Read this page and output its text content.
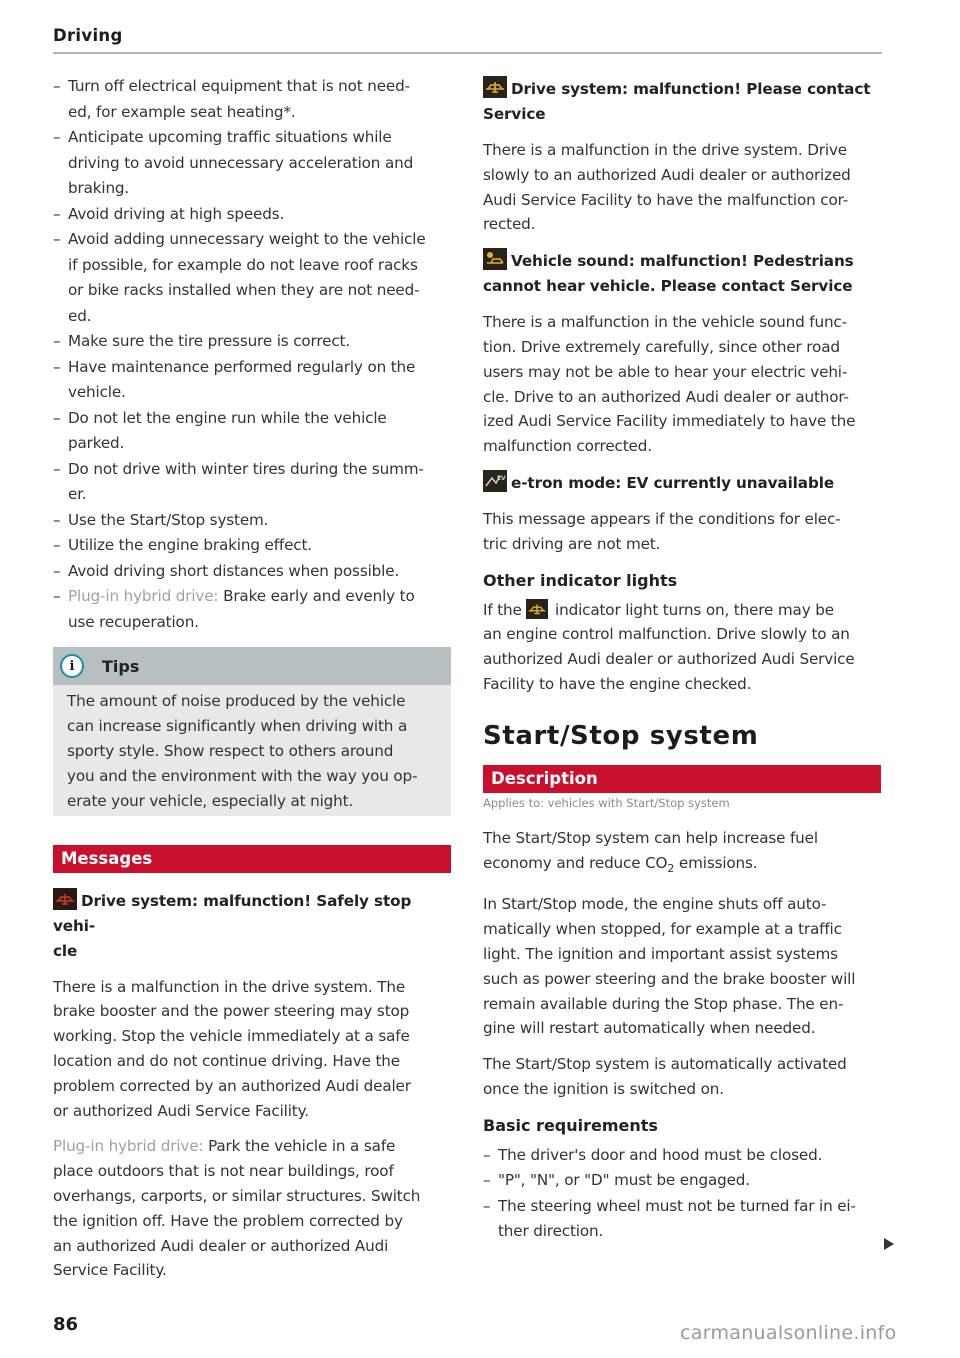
Driving
– Turn off electrical equipment that is not need-
ed, for example seat heating*.
– Anticipate upcoming traffic situations while
driving to avoid unnecessary acceleration and
braking.
– Avoid driving at high speeds.
– Avoid adding unnecessary weight to the vehicle
if possible, for example do not leave roof racks
or bike racks installed when they are not need-
ed.
– Make sure the tire pressure is correct.
– Have maintenance performed regularly on the
vehicle.
– Do not let the engine run while the vehicle
parked.
– Do not drive with winter tires during the summ-
er.
– Use the Start/Stop system.
– Utilize the engine braking effect.
– Avoid driving short distances when possible.
– Plug-in hybrid drive: Brake early and evenly to
use recuperation.
i	Tips
The amount of noise produced by the vehicle
can increase significantly when driving with a
sporty style. Show respect to others around
you and the environment with the way you op-
erate your vehicle, especially at night.
Messages
Drive system: malfunction! Safely stop vehi-
cle
There is a malfunction in the drive system. The
brake booster and the power steering may stop
working. Stop the vehicle immediately at a safe
location and do not continue driving. Have the
problem corrected by an authorized Audi dealer
or authorized Audi Service Facility.
Plug-in hybrid drive: Park the vehicle in a safe
place outdoors that is not near buildings, roof
overhangs, carports, or similar structures. Switch
the ignition off. Have the problem corrected by
an authorized Audi dealer or authorized Audi
Service Facility.
Drive system: malfunction! Please contact
Service
There is a malfunction in the drive system. Drive
slowly to an authorized Audi dealer or authorized
Audi Service Facility to have the malfunction cor-
rected.
Vehicle sound: malfunction! Pedestrians
cannot hear vehicle. Please contact Service
There is a malfunction in the vehicle sound func-
tion. Drive extremely carefully, since other road
users may not be able to hear your electric vehi-
cle. Drive to an authorized Audi dealer or author-
ized Audi Service Facility immediately to have the
malfunction corrected.
EV e-tron mode: EV currently unavailable
This message appears if the conditions for elec-
tric driving are not met.
Other indicator lights
If the
indicator light turns on, there may be
an engine control malfunction. Drive slowly to an
authorized Audi dealer or authorized Audi Service
Facility to have the engine checked.
Start/Stop system
Description
Applies to: vehicles with Start/Stop system
The Start/Stop system can help increase fuel
economy and reduce $CO_2$ emissions.
In Start/Stop mode, the engine shuts off auto-
matically when stopped, for example at a traffic
light. The ignition and important assist systems
such as power steering and the brake booster will
remain available during the Stop phase. The en-
gine will restart automatically when needed.
The Start/Stop system is automatically activated
once the ignition is switched on.
Basic requirements
– The driver's door and hood must be closed.
– "P", "N", or "D" must be engaged.
– The steering wheel must not be turned far in ei-
ther direction.
86	carmanualsonline.info
